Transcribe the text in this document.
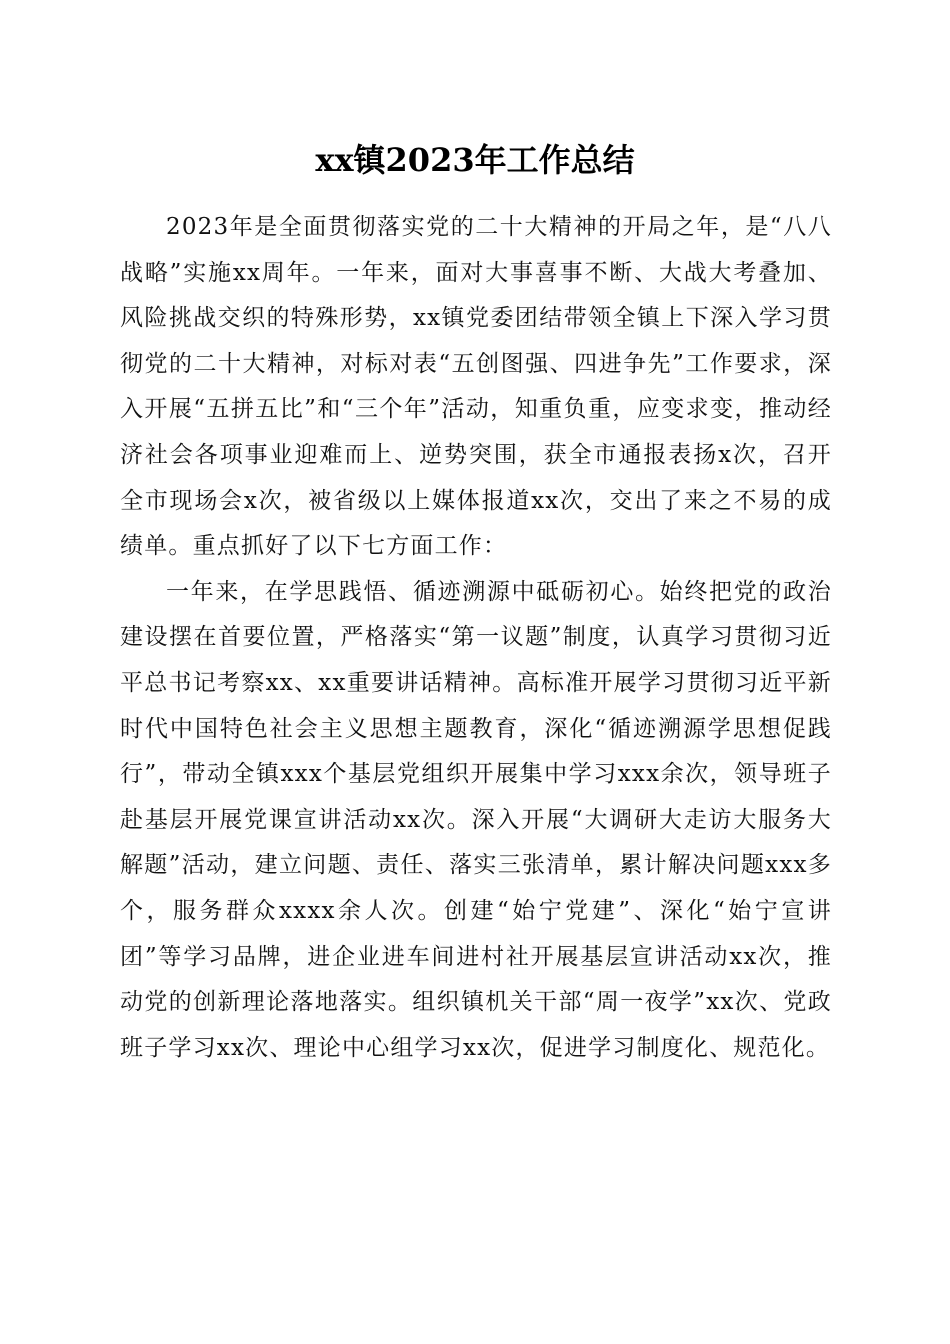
xx镇2023年工作总结

2023年是全面贯彻落实党的二十大精神的开局之年，是“八八战略”实施xx周年。一年来，面对大事喜事不断、大战大考叠加、风险挑战交织的特殊形势，xx镇党委团结带领全镇上下深入学习贯彻党的二十大精神，对标对表“五创图强、四进争先”工作要求，深入开展“五拼五比”和“三个年”活动，知重负重，应变求变，推动经济社会各项事业迎难而上、逆势突围，获全市通报表扬x次，召开全市现场会x次，被省级以上媒体报道xx次，交出了来之不易的成绩单。重点抓好了以下七方面工作：

一年来，在学思践悟、循迹溯源中砥砺初心。始终把党的政治建设摆在首要位置，严格落实“第一议题”制度，认真学习贯彻习近平总书记考察xx、xx重要讲话精神。高标准开展学习贯彻习近平新时代中国特色社会主义思想主题教育，深化“循迹溯源学思想促践行”，带动全镇xxx个基层党组织开展集中学习xxx余次，领导班子赴基层开展党课宣讲活动xx次。深入开展“大调研大走访大服务大解题”活动，建立问题、责任、落实三张清单，累计解决问题xxx多个，服务群众xxxx余人次。创建“始宁党建”、深化“始宁宣讲团”等学习品牌，进企业进车间进村社开展基层宣讲活动xx次，推动党的创新理论落地落实。组织镇机关干部“周一夜学”xx次、党政班子学习xx次、理论中心组学习xx次，促进学习制度化、规范化。
